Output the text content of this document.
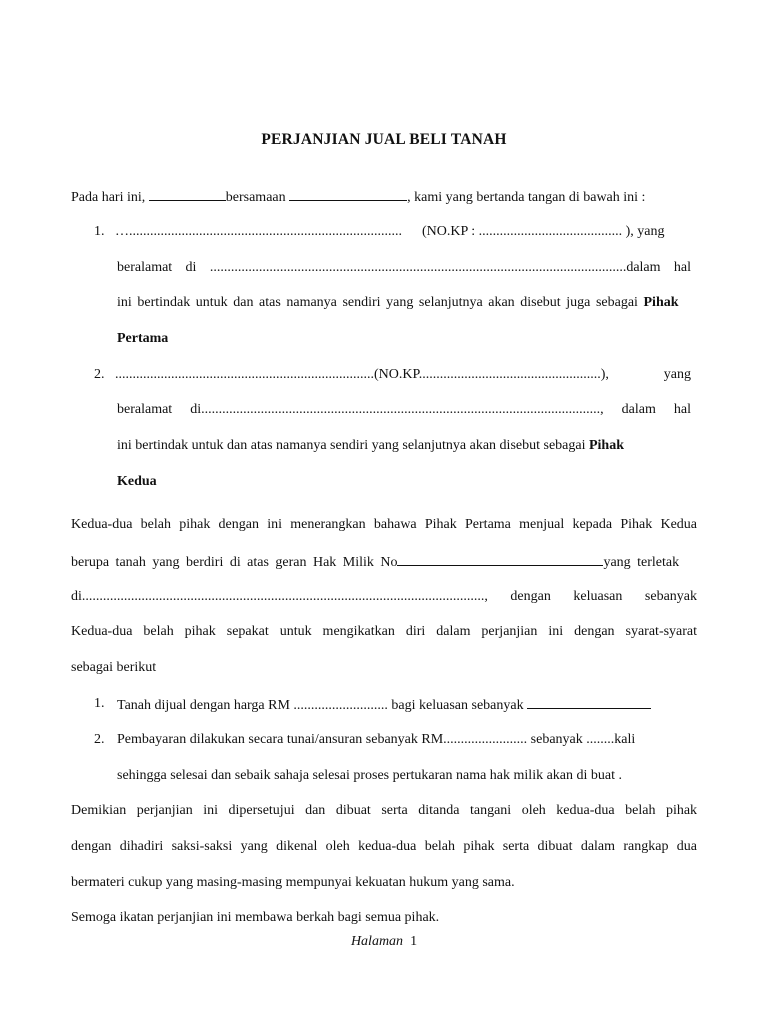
PERJANJIAN JUAL BELI TANAH
Pada hari ini,	bersamaan	, kami yang bertanda tangan di bawah ini :
1. ….............................................................................. (NO.KP : ......................................... ), yang
beralamat di .......................................................................................................................dalam hal
ini bertindak untuk dan atas namanya sendiri yang selanjutnya akan disebut juga sebagai Pihak
Pertama
2. ..........................................................................(NO.KP....................................................), yang
beralamat di.................................................................................................................., dalam hal
ini bertindak untuk dan atas namanya sendiri yang selanjutnya akan disebut sebagai Pihak
Kedua
Kedua-dua belah pihak dengan ini menerangkan bahawa Pihak Pertama menjual kepada Pihak Kedua
berupa tanah yang berdiri di atas geran Hak Milik No	yang terletak
di..................................................................................................................., dengan keluasan sebanyak
Kedua-dua belah pihak sepakat untuk mengikatkan diri dalam perjanjian ini dengan syarat-syarat
sebagai berikut
1. Tanah dijual dengan harga RM ........................... bagi keluasan sebanyak
2. Pembayaran dilakukan secara tunai/ansuran sebanyak RM........................ sebanyak ........kali
sehingga selesai dan sebaik sahaja selesai proses pertukaran nama hak milik akan di buat .
Demikian perjanjian ini dipersetujui dan dibuat serta ditanda tangani oleh kedua-dua belah pihak
dengan dihadiri saksi-saksi yang dikenal oleh kedua-dua belah pihak serta dibuat dalam rangkap dua
bermateri cukup yang masing-masing mempunyai kekuatan hukum yang sama.
Semoga ikatan perjanjian ini membawa berkah bagi semua pihak.
Halaman 1
